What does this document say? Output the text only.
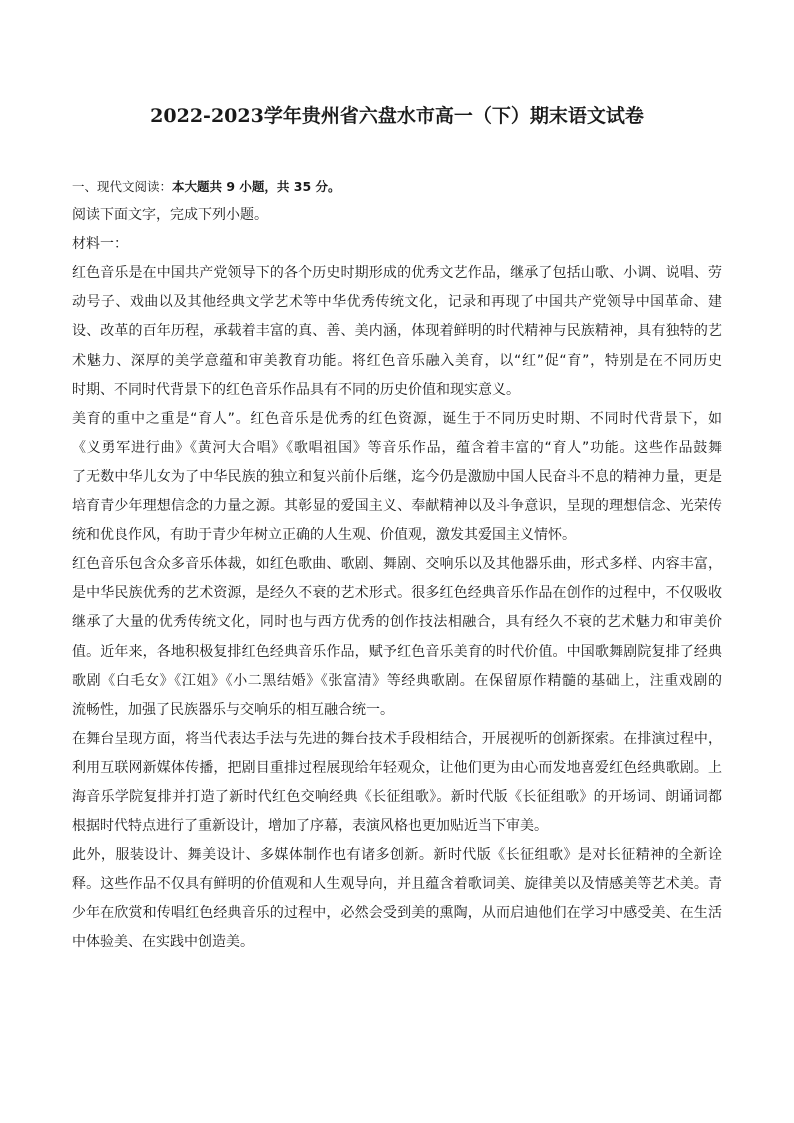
2022-2023学年贵州省六盘水市高一（下）期末语文试卷
一、现代文阅读：本大题共 9 小题，共 35 分。
阅读下面文字，完成下列小题。
材料一：
红色音乐是在中国共产党领导下的各个历史时期形成的优秀文艺作品，继承了包括山歌、小调、说唱、劳
动号子、戏曲以及其他经典文学艺术等中华优秀传统文化，记录和再现了中国共产党领导中国革命、建
设、改革的百年历程，承载着丰富的真、善、美内涵，体现着鲜明的时代精神与民族精神，具有独特的艺
术魅力、深厚的美学意蕴和审美教育功能。将红色音乐融入美育，以“红”促“育”，特别是在不同历史
时期、不同时代背景下的红色音乐作品具有不同的历史价值和现实意义。
美育的重中之重是“育人”。红色音乐是优秀的红色资源，诞生于不同历史时期、不同时代背景下，如
《义勇军进行曲》《黄河大合唱》《歌唱祖国》等音乐作品，蕴含着丰富的“育人”功能。这些作品鼓舞
了无数中华儿女为了中华民族的独立和复兴前仆后继，迄今仍是激励中国人民奋斗不息的精神力量，更是
培育青少年理想信念的力量之源。其彰显的爱国主义、奉献精神以及斗争意识，呈现的理想信念、光荣传
统和优良作风，有助于青少年树立正确的人生观、价值观，激发其爱国主义情怀。
红色音乐包含众多音乐体裁，如红色歌曲、歌剧、舞剧、交响乐以及其他器乐曲，形式多样、内容丰富，
是中华民族优秀的艺术资源，是经久不衰的艺术形式。很多红色经典音乐作品在创作的过程中，不仅吸收
继承了大量的优秀传统文化，同时也与西方优秀的创作技法相融合，具有经久不衰的艺术魅力和审美价
值。近年来，各地积极复排红色经典音乐作品，赋予红色音乐美育的时代价值。中国歌舞剧院复排了经典
歌剧《白毛女》《江姐》《小二黑结婚》《张富清》等经典歌剧。在保留原作精髓的基础上，注重戏剧的
流畅性，加强了民族器乐与交响乐的相互融合统一。
在舞台呈现方面，将当代表达手法与先进的舞台技术手段相结合，开展视听的创新探索。在排演过程中，
利用互联网新媒体传播，把剧目重排过程展现给年轻观众，让他们更为由心而发地喜爱红色经典歌剧。上
海音乐学院复排并打造了新时代红色交响经典《长征组歌》。新时代版《长征组歌》的开场词、朗诵词都
根据时代特点进行了重新设计，增加了序幕，表演风格也更加贴近当下审美。
此外，服装设计、舞美设计、多媒体制作也有诸多创新。新时代版《长征组歌》是对长征精神的全新诠
释。这些作品不仅具有鲜明的价值观和人生观导向，并且蕴含着歌词美、旋律美以及情感美等艺术美。青
少年在欣赏和传唱红色经典音乐的过程中，必然会受到美的熏陶，从而启迪他们在学习中感受美、在生活
中体验美、在实践中创造美。
